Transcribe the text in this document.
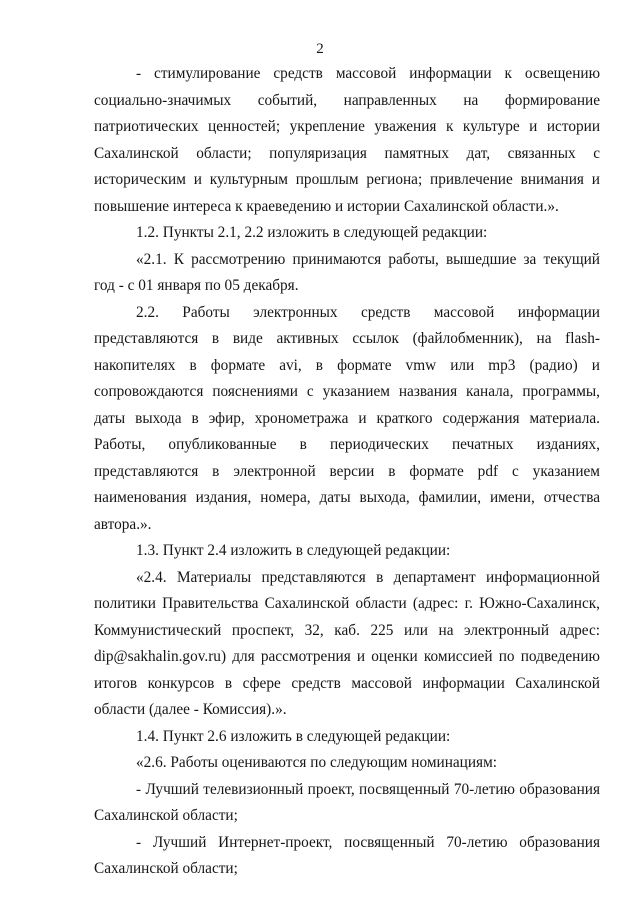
2

- стимулирование средств массовой информации к освещению социально-значимых событий, направленных на формирование патриотических ценностей; укрепление уважения к культуре и истории Сахалинской области; популяризация памятных дат, связанных с историческим и культурным прошлым региона; привлечение внимания и повышение интереса к краеведению и истории Сахалинской области.».

1.2. Пункты 2.1, 2.2 изложить в следующей редакции:

«2.1. К рассмотрению принимаются работы, вышедшие за текущий год - с 01 января по 05 декабря.

2.2. Работы электронных средств массовой информации представляются в виде активных ссылок (файлобменник), на flash-накопителях в формате avi, в формате vmw или mp3 (радио) и сопровождаются пояснениями с указанием названия канала, программы, даты выхода в эфир, хронометража и краткого содержания материала. Работы, опубликованные в периодических печатных изданиях, представляются в электронной версии в формате pdf с указанием наименования издания, номера, даты выхода, фамилии, имени, отчества автора.».

1.3. Пункт 2.4 изложить в следующей редакции:

«2.4. Материалы представляются в департамент информационной политики Правительства Сахалинской области (адрес: г. Южно-Сахалинск, Коммунистический проспект, 32, каб. 225 или на электронный адрес: dip@sakhalin.gov.ru) для рассмотрения и оценки комиссией по подведению итогов конкурсов в сфере средств массовой информации Сахалинской области (далее - Комиссия).».

1.4. Пункт 2.6 изложить в следующей редакции:

«2.6. Работы оцениваются по следующим номинациям:

- Лучший телевизионный проект, посвященный 70-летию образования Сахалинской области;

- Лучший Интернет-проект, посвященный 70-летию образования Сахалинской области;
